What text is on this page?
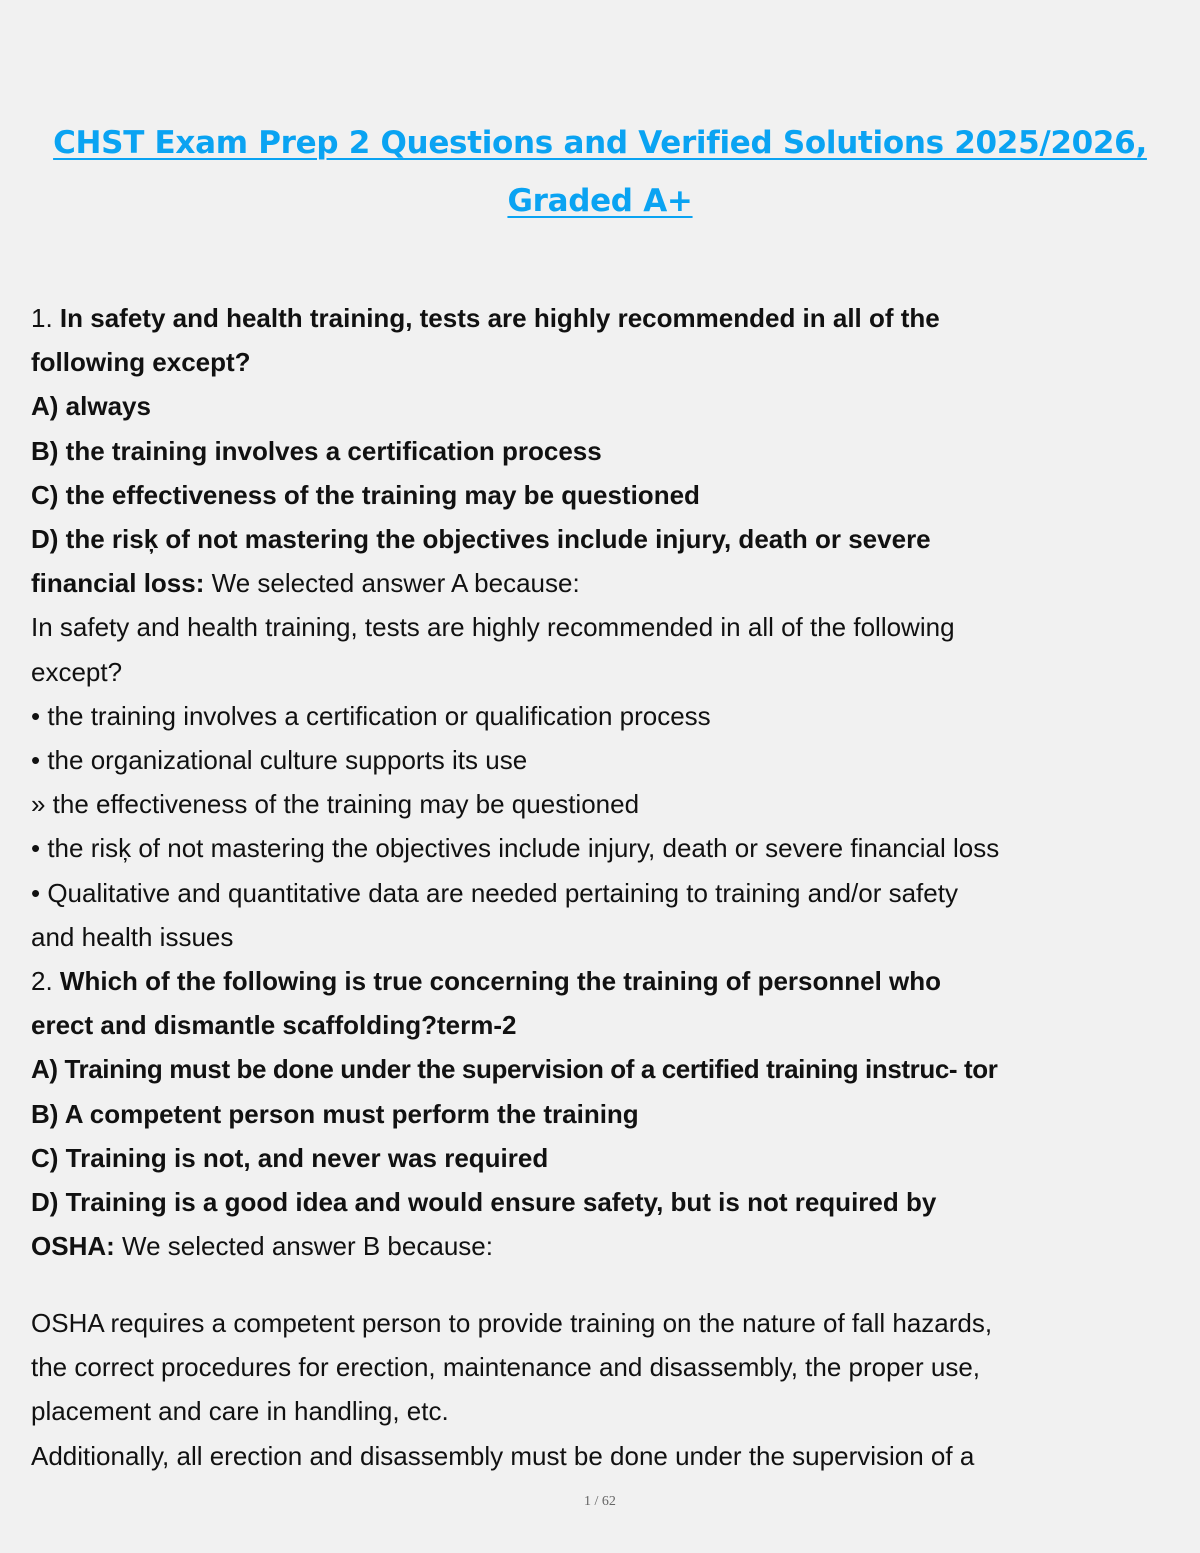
CHST Exam Prep 2 Questions and Verified Solutions 2025/2026,
Graded A+

1. In safety and health training, tests are highly recommended in all of the

following except?

A) always

B) the training involves a certification process

C) the effectiveness of the training may be questioned

D) the risķ of not mastering the objectives include injury, death or severe

financial loss: We selected answer A because:

In safety and health training, tests are highly recommended in all of the following

except?

• the training involves a certification or qualification process

• the organizational culture supports its use

» the effectiveness of the training may be questioned

• the risķ of not mastering the objectives include injury, death or severe financial loss

• Qualitative and quantitative data are needed pertaining to training and/or safety

and health issues

2. Which of the following is true concerning the training of personnel who

erect and dismantle scaffolding?term-2

A) Training must be done under the supervision of a certified training instruc- tor

B) A competent person must perform the training

C) Training is not, and never was required

D) Training is a good idea and would ensure safety, but is not required by

OSHA: We selected answer B because:

OSHA requires a competent person to provide training on the nature of fall hazards,

the correct procedures for erection, maintenance and disassembly, the proper use,

placement and care in handling, etc.

Additionally, all erection and disassembly must be done under the supervision of a

1 / 62
